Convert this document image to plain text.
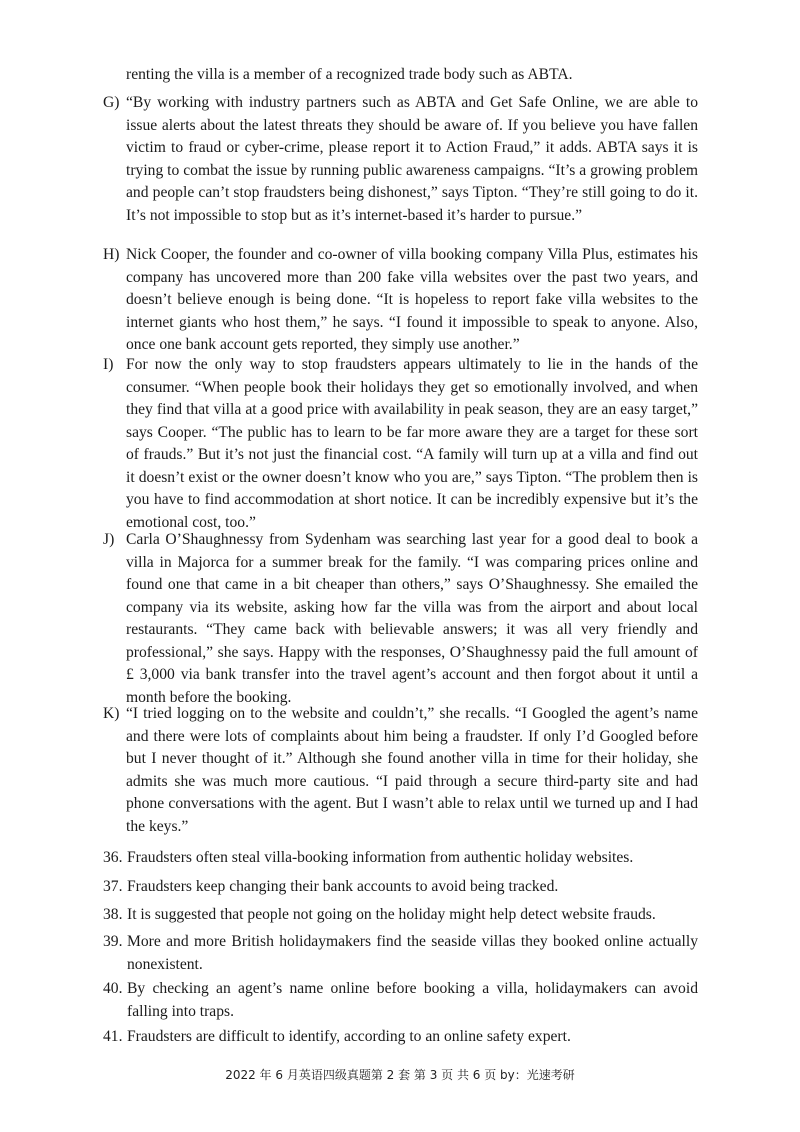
renting the villa is a member of a recognized trade body such as ABTA.
G) “By working with industry partners such as ABTA and Get Safe Online, we are able to issue alerts about the latest threats they should be aware of. If you believe you have fallen victim to fraud or cyber-crime, please report it to Action Fraud,” it adds. ABTA says it is trying to combat the issue by running public awareness campaigns. “It’s a growing problem and people can’t stop fraudsters being dishonest,” says Tipton. “They’re still going to do it. It’s not impossible to stop but as it’s internet-based it’s harder to pursue.”
H) Nick Cooper, the founder and co-owner of villa booking company Villa Plus, estimates his company has uncovered more than 200 fake villa websites over the past two years, and doesn’t believe enough is being done. “It is hopeless to report fake villa websites to the internet giants who host them,” he says. “I found it impossible to speak to anyone. Also, once one bank account gets reported, they simply use another.”
I) For now the only way to stop fraudsters appears ultimately to lie in the hands of the consumer. “When people book their holidays they get so emotionally involved, and when they find that villa at a good price with availability in peak season, they are an easy target,” says Cooper. “The public has to learn to be far more aware they are a target for these sort of frauds.” But it’s not just the financial cost. “A family will turn up at a villa and find out it doesn’t exist or the owner doesn’t know who you are,” says Tipton. “The problem then is you have to find accommodation at short notice. It can be incredibly expensive but it’s the emotional cost, too.”
J) Carla O’Shaughnessy from Sydenham was searching last year for a good deal to book a villa in Majorca for a summer break for the family. “I was comparing prices online and found one that came in a bit cheaper than others,” says O’Shaughnessy. She emailed the company via its website, asking how far the villa was from the airport and about local restaurants. “They came back with believable answers; it was all very friendly and professional,” she says. Happy with the responses, O’Shaughnessy paid the full amount of £ 3,000 via bank transfer into the travel agent’s account and then forgot about it until a month before the booking.
K) “I tried logging on to the website and couldn’t,” she recalls. “I Googled the agent’s name and there were lots of complaints about him being a fraudster. If only I’d Googled before but I never thought of it.” Although she found another villa in time for their holiday, she admits she was much more cautious. “I paid through a secure third-party site and had phone conversations with the agent. But I wasn’t able to relax until we turned up and I had the keys.”
36. Fraudsters often steal villa-booking information from authentic holiday websites.
37. Fraudsters keep changing their bank accounts to avoid being tracked.
38. It is suggested that people not going on the holiday might help detect website frauds.
39. More and more British holidaymakers find the seaside villas they booked online actually nonexistent.
40. By checking an agent’s name online before booking a villa, holidaymakers can avoid falling into traps.
41. Fraudsters are difficult to identify, according to an online safety expert.
2022 年 6 月英语四级真题第 2 套 第 3 页 共 6 页 by：光速考研
